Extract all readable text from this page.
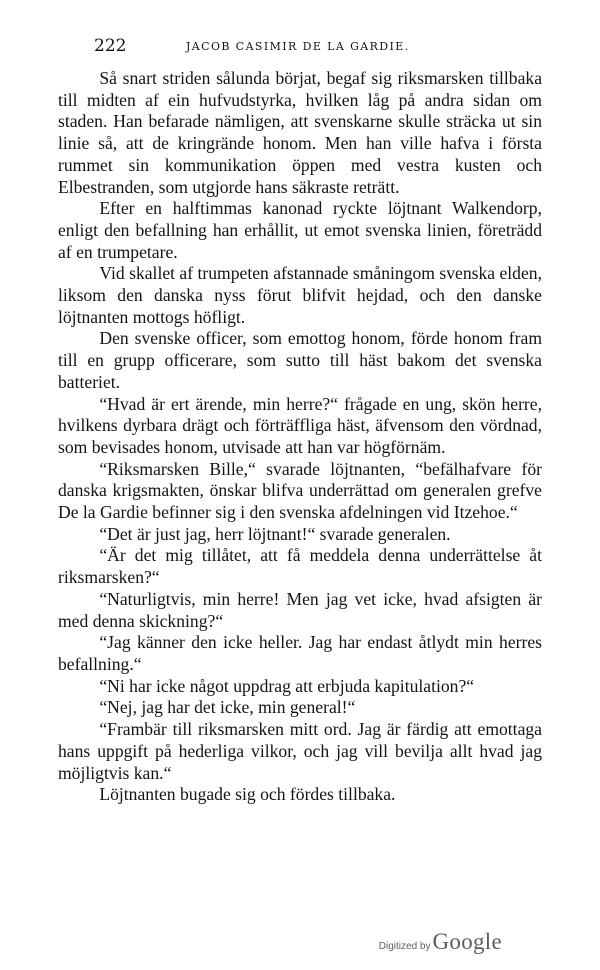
222	JACOB CASIMIR DE LA GARDIE.

Så snart striden sålunda börjat, begaf sig riksmarsken tillbaka till midten af ein hufvudstyrka, hvilken låg på andra sidan om staden. Han befarade nämligen, att svenskarne skulle sträcka ut sin linie så, att de kringrände honom. Men han ville hafva i första rummet sin kommunikation öppen med vestra kusten och Elbestranden, som utgjorde hans säkraste reträtt.

Efter en halftimmas kanonad ryckte löjtnant Walkendorp, enligt den befallning han erhållit, ut emot svenska linien, företrädd af en trumpetare.

Vid skallet af trumpeten afstannade småningom svenska elden, liksom den danska nyss förut blifvit hejdad, och den danske löjtnanten mottogs höfligt.

Den svenske officer, som emottog honom, förde honom fram till en grupp officerare, som sutto till häst bakom det svenska batteriet.

“Hvad är ert ärende, min herre?“ frågade en ung, skön herre, hvilkens dyrbara drägt och förträffliga häst, äfvensom den vördnad, som bevisades honom, utvisade att han var högförnäm.

“Riksmarsken Bille,“ svarade löjtnanten, “befälhafvare för danska krigsmakten, önskar blifva underrättad om generalen grefve De la Gardie befinner sig i den svenska afdelningen vid Itzehoe.“

“Det är just jag, herr löjtnant!“ svarade generalen.

“Är det mig tillåtet, att få meddela denna underrättelse åt riksmarsken?“

“Naturligtvis, min herre! Men jag vet icke, hvad afsigten är med denna skickning?“

“Jag känner den icke heller. Jag har endast åtlydt min herres befallning.“

“Ni har icke något uppdrag att erbjuda kapitulation?“

“Nej, jag har det icke, min general!“

“Frambär till riksmarsken mitt ord. Jag är färdig att emottaga hans uppgift på hederliga vilkor, och jag vill bevilja allt hvad jag möjligtvis kan.“

Löjtnanten bugade sig och fördes tillbaka.

Digitized by Google
